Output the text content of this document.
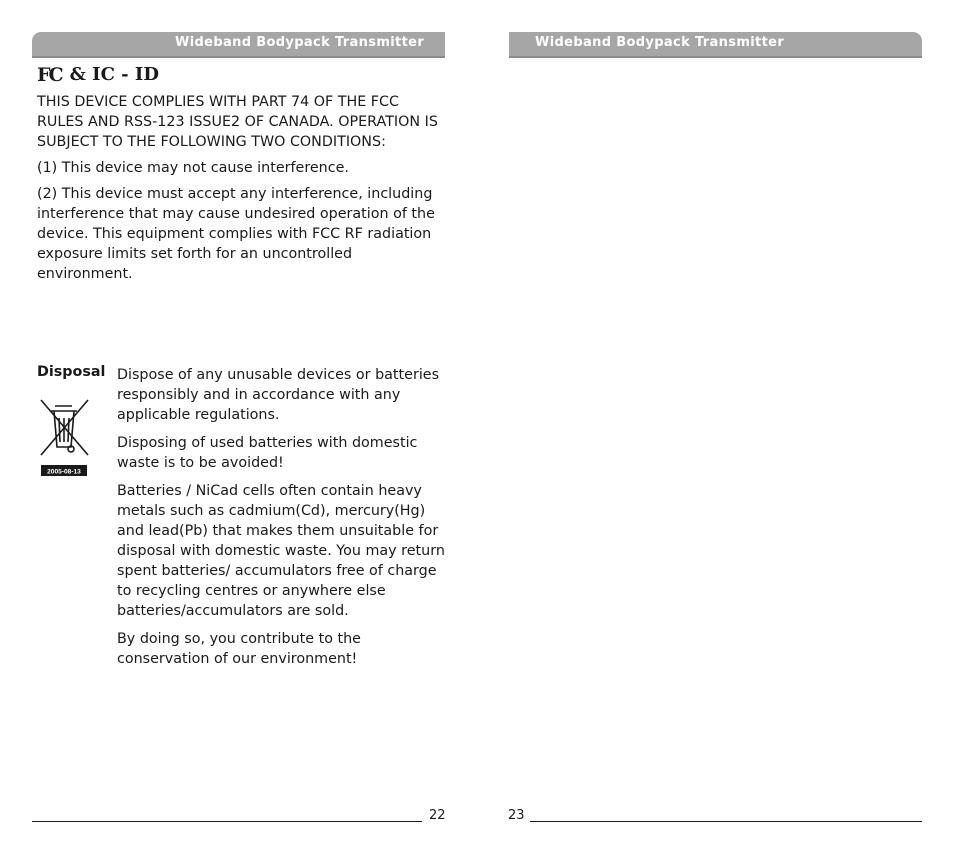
Wideband Bodypack Transmitter
FC & IC - ID

THIS DEVICE COMPLIES WITH PART 74 OF THE FCC RULES AND RSS-123 ISSUE2 OF CANADA. OPERATION IS SUBJECT TO THE FOLLOWING TWO CONDITIONS:

(1) This device may not cause interference.

(2) This device must accept any interference, including interference that may cause undesired operation of the device. This equipment complies with FCC RF radiation exposure limits set forth for an uncontrolled environment.

Disposal
2005-08-13

Dispose of any unusable devices or batteries responsibly and in accordance with any applicable regulations.

Disposing of used batteries with domestic waste is to be avoided!

Batteries / NiCad cells often contain heavy metals such as cadmium(Cd), mercury(Hg) and lead(Pb) that makes them unsuitable for disposal with domestic waste. You may return spent batteries/ accumulators free of charge to recycling centres or anywhere else batteries/accumulators are sold.

By doing so, you contribute to the conservation of our environment!

22
Wideband Bodypack Transmitter
23
